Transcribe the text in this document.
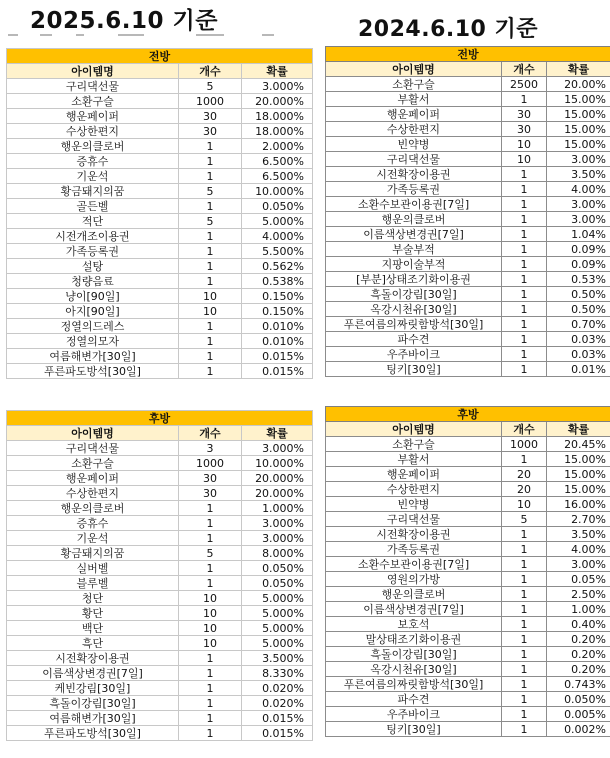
2025.6.10 기준	2024.6.10 기준
전방		
아이템명	개수	확률
구리댁선물	5	3.000%
소환구슬	1000	20.000%
행운페이퍼	30	18.000%
수상한편지	30	18.000%
행운의클로버	1	2.000%
증휴수	1	6.500%
기운석	1	6.500%
황금돼지의꿈	5	10.000%
골든벨	1	0.050%
적단	5	5.000%
시전개조이용권	1	4.000%
가족등록권	1	5.500%
설탕	1	0.562%
청량음료	1	0.538%
냥이[90일]	10	0.150%
아지[90일]	10	0.150%
정열의드레스	1	0.010%
정열의모자	1	0.010%
여름해변가[30일]	1	0.015%
푸른파도방석[30일]	1	0.015%
전방		
아이템명	개수	확률
소환구슬	2500	20.00%
부활서	1	15.00%
행운페이퍼	30	15.00%
수상한편지	30	15.00%
빈약병	10	15.00%
구리댁선물	10	3.00%
시전확장이용권	1	3.50%
가족등록권	1	4.00%
소환수보관이용권[7일]	1	3.00%
행운의클로버	1	3.00%
이름색상변경권[7일]	1	1.04%
부술부적	1	0.09%
지팡이술부적	1	0.09%
[부분]상태조기화이용권	1	0.53%
흑돌이강림[30일]	1	0.50%
옥강시천유[30일]	1	0.50%
푸른여름의짜릿함방석[30일]	1	0.70%
파수견	1	0.03%
우주바이크	1	0.03%
팅키[30일]	1	0.01%
후방		
아이템명	개수	확률
구리댁선물	3	3.000%
소환구슬	1000	10.000%
행운페이퍼	30	20.000%
수상한편지	30	20.000%
행운의클로버	1	1.000%
증휴수	1	3.000%
기운석	1	3.000%
황금돼지의꿈	5	8.000%
실버벨	1	0.050%
블루벨	1	0.050%
청단	10	5.000%
황단	10	5.000%
백단	10	5.000%
흑단	10	5.000%
시전확장이용권	1	3.500%
이름색상변경권[7일]	1	8.330%
케빈강림[30일]	1	0.020%
흑돌이강림[30일]	1	0.020%
여름해변가[30일]	1	0.015%
푸른파도방석[30일]	1	0.015%
후방		
아이템명	개수	확률
소환구슬	1000	20.45%
부활서	1	15.00%
행운페이퍼	20	15.00%
수상한편지	20	15.00%
빈약병	10	16.00%
구리댁선물	5	2.70%
시전확장이용권	1	3.50%
가족등록권	1	4.00%
소환수보관이용권[7일]	1	3.00%
영원의가방	1	0.05%
행운의클로버	1	2.50%
이름색상변경권[7일]	1	1.00%
보호석	1	0.40%
말상태조기화이용권	1	0.20%
흑돌이강림[30일]	1	0.20%
옥강시천유[30일]	1	0.20%
푸른여름의짜릿함방석[30일]	1	0.743%
파수견	1	0.050%
우주바이크	1	0.005%
팅키[30일]	1	0.002%
